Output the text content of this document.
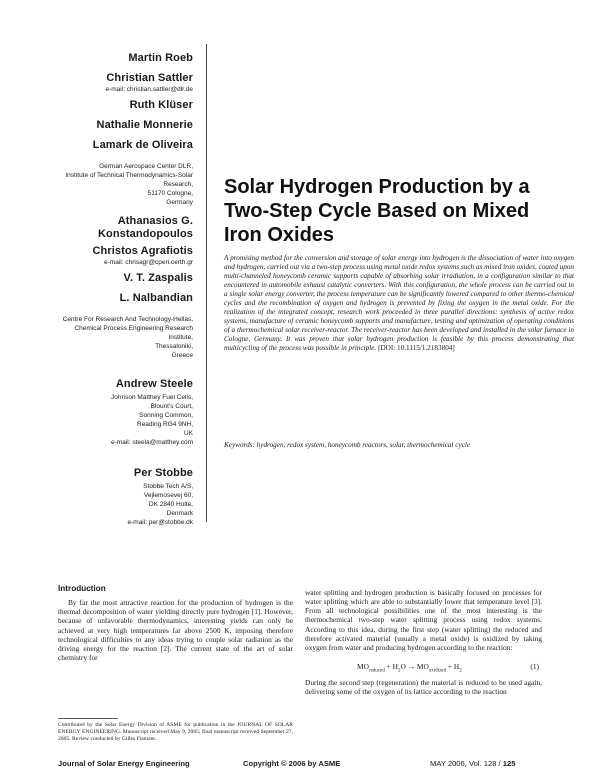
Martin Roeb
Christian Sattler
e-mail: christian.sattler@dlr.de
Ruth Klüser
Nathalie Monnerie
Lamark de Oliveira
German Aerospace Center DLR,
Institute of Technical Thermodynamics-Solar
Research,
51170 Cologne,
Germany
Athanasios G.
Konstandopoulos
Christos Agrafiotis
e-mail: chrisagr@cperi.certh.gr
V. T. Zaspalis
L. Nalbandian
Centre For Research And Technology-Hellas,
Chemical Process Engineering Research
Institute,
Thessaloniki,
Greece
Andrew Steele
Johnson Matthey Fuel Cells,
Blount's Court,
Sonning Common,
Reading RG4 9NH,
UK
e-mail: steela@matthey.com
Per Stobbe
Stobbe Tech A/S,
Vejlemosevej 60,
DK 2840 Holte,
Denmark
e-mail: per@stobbe.dk
Solar Hydrogen Production by a
Two-Step Cycle Based on Mixed
Iron Oxides
A promising method for the conversion and storage of solar energy into hydrogen is the dissociation of water into oxygen and hydrogen, carried out via a two-step process using metal oxide redox systems such as mixed iron oxides, coated upon multi-channeled honeycomb ceramic supports capable of absorbing solar irradiation, in a configuration similar to that encountered in automobile exhaust catalytic converters. With this configuration, the whole process can be carried out in a single solar energy converter, the process temperature can be significantly lowered compared to other thermo-chemical cycles and the recombination of oxygen and hydrogen is prevented by fixing the oxygen in the metal oxide. For the realization of the integrated concept, research work proceeded in three parallel directions: synthesis of active redox systems, manufacture of ceramic honeycomb supports and manufacture, testing and optimization of operating conditions of a thermochemical solar receiver-reactor. The receiver-reactor has been developed and installed in the solar furnace in Cologne, Germany. It was proven that solar hydrogen production is feasible by this process demonstrating that multicycling of the process was possible in principle. [DOI: 10.1115/1.2183804]
Keywords: hydrogen, redox system, honeycomb reactors, solar, thermochemical cycle
Introduction

By far the most attractive reaction for the production of hydrogen is the thermal decomposition of water yielding directly pure hydrogen [1]. However, because of unfavorable thermodynamics, interesting yields can only be achieved at very high temperatures far above 2500 K, imposing therefore technological difficulties to any ideas trying to couple solar radiation as the driving energy for the reaction [2]. The current state of the art of solar chemistry for

water splitting and hydrogen production is basically focused on processes for water splitting which are able to substantially lower that temperature level [3]. From all technological possibilities one of the most interesting is the thermochemical two-step water splitting process using redox systems. According to this idea, during the first step (water splitting) the reduced and therefore activated material (usually a metal oxide) is oxidized by taking oxygen from water and producing hydrogen according to the reaction:

$MO_{reduced} + H_2O \to MO_{oxidized} + H_2$	(1)

During the second step (regeneration) the material is reduced to be used again, delivering some of the oxygen of its lattice according to the reaction

Contributed by the Solar Energy Division of ASME for publication in the JOURNAL OF SOLAR ENERGY ENGINEERING. Manuscript received May 9, 2005; final manuscript received September 27, 2005. Review conducted by Gilles Flamant.
Journal of Solar Energy Engineering	Copyright © 2006 by ASME	MAY 2006, Vol. 128 / 125
